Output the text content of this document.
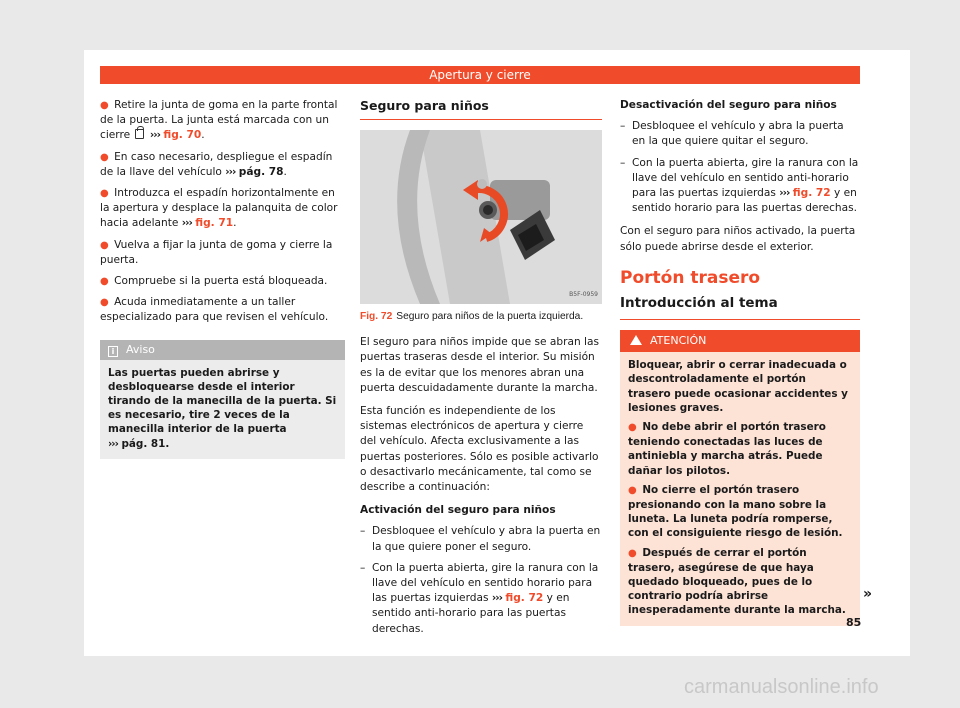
Apertura y cierre
● Retire la junta de goma en la parte frontal de la puerta. La junta está marcada con un cierre ››› fig. 70.
● En caso necesario, despliegue el espadín de la llave del vehículo ››› pág. 78.
● Introduzca el espadín horizontalmente en la apertura y desplace la palanquita de color hacia adelante ››› fig. 71.
● Vuelva a fijar la junta de goma y cierre la puerta.
● Compruebe si la puerta está bloqueada.
● Acuda inmediatamente a un taller especializado para que revisen el vehículo.
i Aviso
Las puertas pueden abrirse y desbloquearse desde el interior tirando de la manecilla de la puerta. Si es necesario, tire 2 veces de la manecilla interior de la puerta
››› pág. 81.
Seguro para niños
B5F-0959
Fig. 72 Seguro para niños de la puerta izquierda.

El seguro para niños impide que se abran las puertas traseras desde el interior. Su misión es la de evitar que los menores abran una puerta descuidadamente durante la marcha.

Esta función es independiente de los sistemas electrónicos de apertura y cierre del vehículo. Afecta exclusivamente a las puertas posteriores. Sólo es posible activarlo o desactivarlo mecánicamente, tal como se describe a continuación:

Activación del seguro para niños
– Desbloquee el vehículo y abra la puerta en la que quiere poner el seguro.
– Con la puerta abierta, gire la ranura con la llave del vehículo en sentido horario para las puertas izquierdas ››› fig. 72 y en sentido anti-horario para las puertas derechas.
Desactivación del seguro para niños
– Desbloquee el vehículo y abra la puerta en la que quiere quitar el seguro.
– Con la puerta abierta, gire la ranura con la llave del vehículo en sentido anti-horario para las puertas izquierdas ››› fig. 72 y en sentido horario para las puertas derechas.

Con el seguro para niños activado, la puerta sólo puede abrirse desde el exterior.

Portón trasero
Introducción al tema
ATENCIÓN
Bloquear, abrir o cerrar inadecuada o descontroladamente el portón trasero puede ocasionar accidentes y lesiones graves.
● No debe abrir el portón trasero teniendo conectadas las luces de antiniebla y marcha atrás. Puede dañar los pilotos.
● No cierre el portón trasero presionando con la mano sobre la luneta. La luneta podría romperse, con el consiguiente riesgo de lesión.
● Después de cerrar el portón trasero, asegúrese de que haya quedado bloqueado, pues de lo contrario podría abrirse inesperadamente durante la marcha.
»
85
carmanualsonline.info
